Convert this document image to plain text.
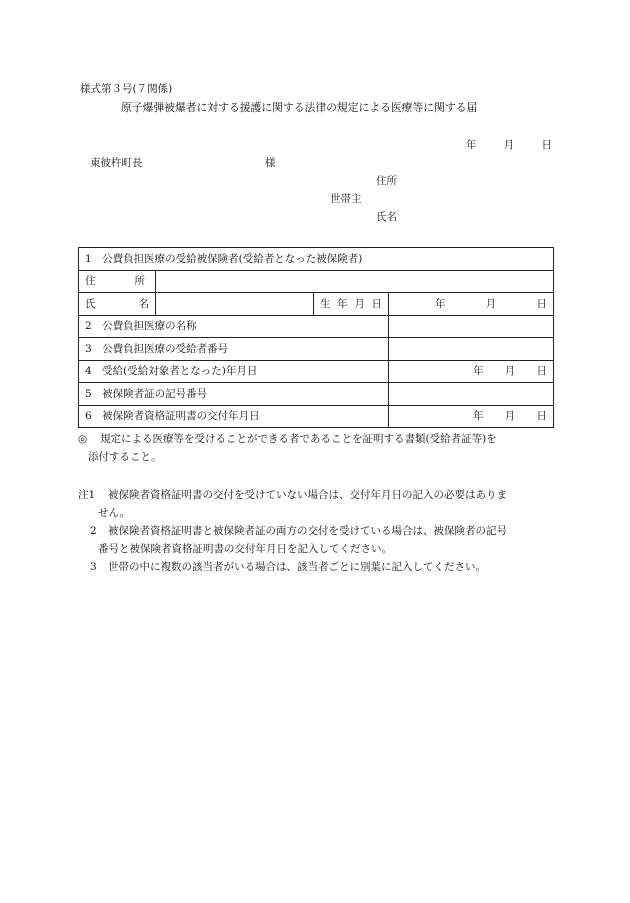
様式第３号(７関係)
原子爆弾被爆者に対する援護に関する法律の規定による医療等に関する届
年	月	日
東彼杵町長	様
住所
世帯主
氏名
1　公費負担医療の受給被保険者(受給者となった被保険者)			

住 所			

氏 名		生 年 月 日	年 月 日

2　公費負担医療の名称			
3　公費負担医療の受給者番号			
4　受給(受給対象者となった)年月日			年 月 日

5　被保険者証の記号番号			
6　被保険者資格証明書の交付年月日			年 月 日
◎	規定による医療等を受けることができる者であることを証明する書類(受給者証等)を
添付すること。
注1	被保険者資格証明書の交付を受けていない場合は、交付年月日の記入の必要はありま
せん。
2	被保険者資格証明書と被保険者証の両方の交付を受けている場合は、被保険者の記号
番号と被保険者資格証明書の交付年月日を記入してください。
3	世帯の中に複数の該当者がいる場合は、該当者ごとに別葉に記入してください。
